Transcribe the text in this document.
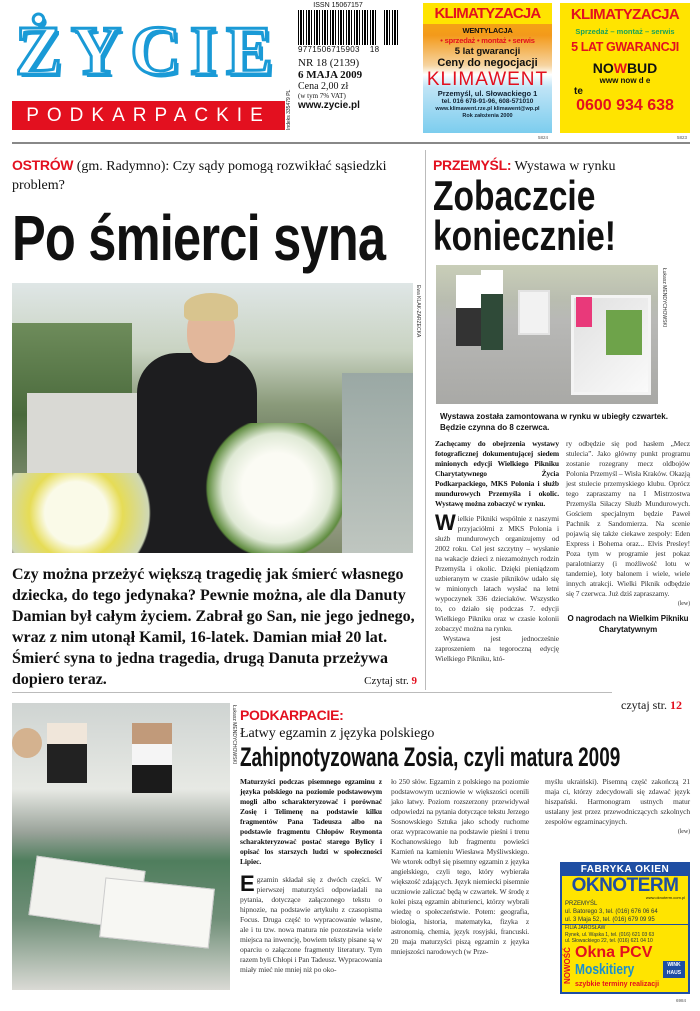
ŻYCIE
PODKARPACKIE	Indeks 335479 PL
ISSN 15067157
9771506715903 18
NR 18 (2139)
6 MAJA 2009
Cena 2,00 zł
(w tym 7% VAT)
www.zycie.pl
KLIMATYZACJA
WENTYLACJA
• sprzedaż • montaż • serwis
5 lat gwarancji
Ceny do negocjacji
KLIMAWENT
Przemyśl, ul. Słowackiego 1
tel. 016 678-91-96, 608-571010
www.klimawent.rze.pl klimawent@wp.pl
Rok założenia 2000
5824
KLIMATYZACJA
Sprzedaż – montaż – serwis
5 LAT GWARANCJI
NOWBUD
www now d e
te
0600 934 638
5823
OSTRÓW (gm. Radymno): Czy sądy pomogą rozwikłać sąsiedzki problem?
Po śmierci syna
Ewa KLAK-ZARZECKA
Czy można przeżyć większą tragedię jak śmierć własnego dziecka, do tego jedynaka? Pewnie można, ale dla Danuty Damian był całym życiem. Zabrał go San, nie jego jednego, wraz z nim utonął Kamil, 16-latek. Damian miał 20 lat. Śmierć syna to jedna tragedia, drugą Danuta przeżywa dopiero teraz.	Czytaj str. 9
PRZEMYŚL: Wystawa w rynku
Zobaczcie
koniecznie!
Łukasz MENDYCHOWSKI
Wystawa została zamontowana w rynku w ubiegły czwartek. Będzie czynna do 8 czerwca.
Zachęcamy do obejrzenia wystawy fotograficznej dokumentującej siedem minionych edycji Wielkiego Pikniku Charytatywnego Życia Podkarpackiego, MKS Polonia i służb mundurowych Przemyśla i okolic. Wystawę można zobaczyć w rynku.
Wielkie Pikniki wspólnie z naszymi przyjaciółmi z MKS Polonia i służb mundurowych organizujemy od 2002 roku. Cel jest szczytny – wysłanie na wakacje dzieci z niezamożnych rodzin Przemyśla i okolic. Dzięki pieniądzom uzbieranym w czasie pikników udało się w minionych latach wysłać na letni wypoczynek 336 dzieciaków. Wszystko to, co działo się podczas 7. edycji Wielkiego Pikniku oraz w czasie kolonii zobaczyć można na rynku.

Wystawa jest jednocześnie zaproszeniem na tegoroczną edycję Wielkiego Pikniku, któ-

ry odbędzie się pod hasłem „Mecz stulecia”. Jako główny punkt programu zostanie rozegrany mecz oldbojów Polonia Przemyśl – Wisła Kraków. Okazją jest stulecie przemyskiego klubu. Oprócz tego zapraszamy na I Mistrzostwa Przemyśla Siłaczy Służb Mundurowych. Gościem specjalnym będzie Paweł Pachnik z Sandomierza. Na scenie pojawią się także ciekawe zespoły: Eden Express i Bohema oraz... Elvis Presley! Poza tym w programie jest pokaz paralotniarzy (i możliwość lotu w tandemie), loty balonem i wiele, wiele innych atrakcji. Wielki Piknik odbędzie się 7 czerwca. Już dziś zapraszamy.
(lew)
O nagrodach na Wielkim Pikniku Charytatywnym
czytaj str. 12
Łukasz MENDYCHOWSKI PODKARPACIE:
Łatwy egzamin z języka polskiego
Zahipnotyzowana Zosia, czyli matura 2009
Maturzyści podczas pisemnego egzaminu z języka polskiego na poziomie podstawowym mogli albo scharakteryzować i porównać Zosię i Telimenę na podstawie kilku fragmentów Pana Tadeusza albo na podstawie fragmentu Chłopów Reymonta scharakteryzować postać starego Bylicy i opisać los starszych ludzi w społeczności Lipiec.
Egzamin składał się z dwóch części. W pierwszej maturzyści odpowiadali na pytania, dotyczące załączonego tekstu o hipnozie, na podstawie artykułu z czasopisma Focus. Druga część to wypracowanie własne, ale i tu tzw. nowa matura nie pozostawia wiele miejsca na inwencję, bowiem teksty pisane są w oparciu o załączone fragmenty literatury. Tym razem byli Chłopi i Pan Tadeusz. Wypracowania miały mieć nie mniej niż po oko-
ło 250 słów. Egzamin z polskiego na poziomie podstawowym uczniowie w większości ocenili jako łatwy. Poziom rozszerzony przewidywał odpowiedzi na pytania dotyczące tekstu Jerzego Sosnowskiego Sztuka jako schody ruchome oraz wypracowanie na podstawie pieśni i trenu Kochanowskiego lub fragmentu powieści Kamień na kamieniu Wiesława Myśliwskiego. We wtorek odbył się pisemny egzamin z języka angielskiego, czyli tego, który wybierała większość zdających. Język niemiecki pisemnie uczniowie zaliczać będą w czwartek. W środę z kolei piszą egzamin abiturienci, którzy wybrali wiedzę o społeczeństwie. Potem: geografia, biologia, historia, matematyka, fizyka z astronomią, chemia, język rosyjski, francuski. 20 maja maturzyści piszą egzamin z języka mniejszości narodowych (w Prze-
myślu ukraiński). Pisemną część zakończą 21 maja ci, którzy zdecydowali się zdawać język hiszpański. Harmonogram ustnych matur ustalany jest przez przewodniczących szkolnych zespołów egzaminacyjnych.
(lew)
FABRYKA OKIEN
OKNOTERM
www.oknoterm.com.pl
PRZEMYŚL
ul. Batorego 3, tel. (016) 676 06 64
ul. 3 Maja 52, tel. (016) 679 09 95
FILIA JAROSŁAW
Rynek, ul. Wąska 1, tel. (016) 621 03 63
ul. Słowackiego 22, tel. (016) 621 04 10
NOWOŚĆ Okna PCV
Moskitiery	WINK HAUS
szybkie terminy realizacji
6984
